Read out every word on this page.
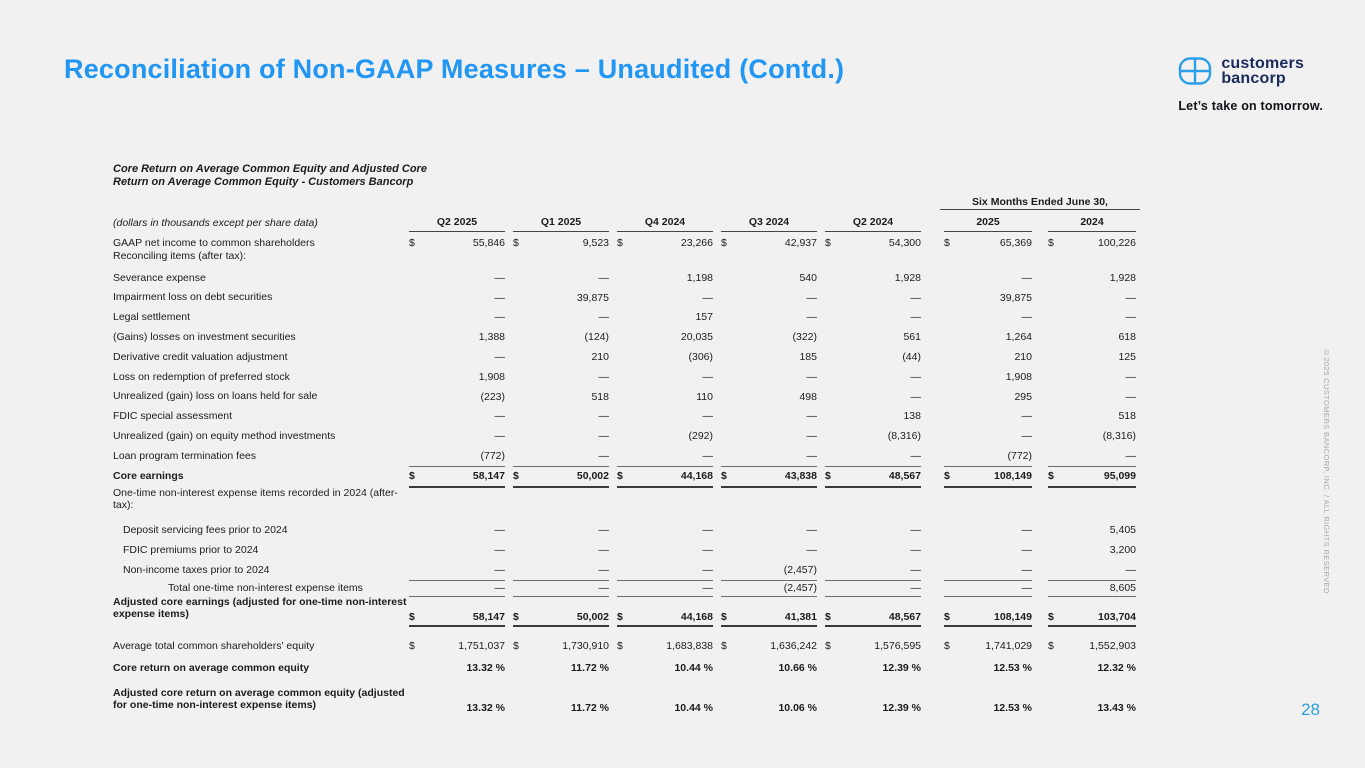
Reconciliation of Non-GAAP Measures – Unaudited (Contd.)	customers
bancorp
Let’s take on tomorrow.
Core Return on Average Common Equity and Adjusted Core
Return on Average Common Equity - Customers Bancorp
Six Months Ended June 30,
(dollars in thousands except per share data)	Q2 2025	Q1 2025	Q4 2024	Q3 2024	Q2 2024	2025	2024
GAAP net income to common shareholders
Reconciling items (after tax):
$	55,846 $	9,523 $	23,266 $	42,937 $	54,300 $	65,369 $	100,226
Severance expense	—	—	1,198	540	1,928	—	1,928
Impairment loss on debt securities	—	39,875	—	—	—	39,875	—
Legal settlement	—	—	157	—	—	—	—
(Gains) losses on investment securities	1,388	(124)	20,035	(322)	561	1,264	618
Derivative credit valuation adjustment	—	210	(306)	185	(44)	210	125
Loss on redemption of preferred stock	1,908	—	—	—	—	1,908	—
Unrealized (gain) loss on loans held for sale	(223)	518	110	498	—	295	—
FDIC special assessment	—	—	—	—	138	—	518
Unrealized (gain) on equity method investments	—	—	(292)	—	(8,316)	—	(8,316)
Loan program termination fees	(772)	—	—	—	—	(772)	—
Core earnings	$	58,147 $	50,002 $	44,168 $	43,838 $	48,567 $	108,149 $	95,099
One-time non-interest expense items recorded in 2024 (after-
tax):
Deposit servicing fees prior to 2024	—	—	—	—	—	—	5,405
FDIC premiums prior to 2024	—	—	—	—	—	—	3,200
Non-income taxes prior to 2024	—	—	—	(2,457)	—	—	—
Total one-time non-interest expense items	—	—	—	(2,457)	—	—	8,605
Adjusted core earnings (adjusted for one-time non-interest
expense items)	$	58,147 $	50,002 $	44,168 $	41,381 $	48,567 $	108,149 $	103,704
Average total common shareholders' equity	$	1,751,037 $	1,730,910 $	1,683,838 $	1,636,242 $	1,576,595 $	1,741,029 $	1,552,903
Core return on average common equity	13.32 %	11.72 %	10.44 %	10.66 %	12.39 %	12.53 %	12.32 %
Adjusted core return on average common equity (adjusted
for one-time non-interest expense items)	13.32 %	11.72 %	10.44 %	10.06 %	12.39 %	12.53 %	13.43 %
©2025 CUSTOMERS BANCORP, INC. / ALL RIGHTS RESERVED
28
